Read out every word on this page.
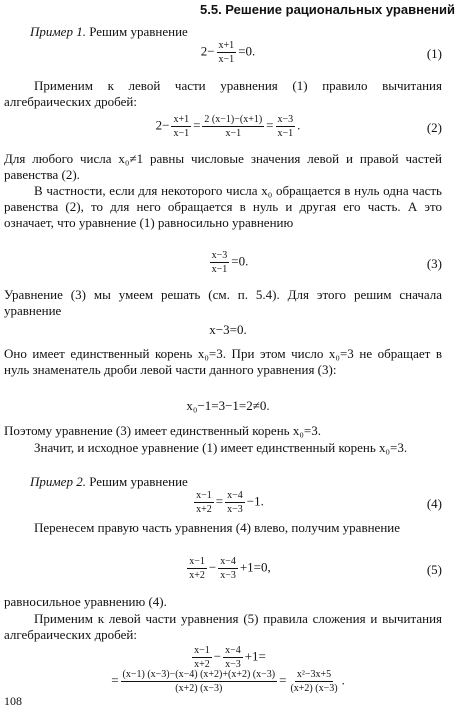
5.5. Решение рациональных уравнений
Пример 1. Решим уравнение
$2- \frac{x+1}{x-1} =0$.	(1)
Применим к левой части уравнения (1) правило вычитания алгебраических дробей:
$2- \frac{x+1}{x-1} = \frac{2 (x-1)-(x+1)}{x-1} = \frac{x-3}{x-1}$ .	(2)
Для любого числа x₀≠1 равны числовые значения левой и правой частей равенства (2).
В частности, если для некоторого числа x₀ обращается в нуль одна часть равенства (2), то для него обращается в нуль и другая его часть. А это означает, что уравнение (1) равносильно уравнению
$\frac{x-3}{x-1} =0$.	(3)
Уравнение (3) мы умеем решать (см. п. 5.4). Для этого решим сначала уравнение
x−3=0.
Оно имеет единственный корень x₀=3. При этом число x₀=3 не обращает в нуль знаменатель дроби левой части данного уравнения (3):
x₀−1=3−1=2≠0.
Поэтому уравнение (3) имеет единственный корень x₀=3.
Значит, и исходное уравнение (1) имеет единственный корень x₀=3.
Пример 2. Решим уравнение
$\frac{x-1}{x+2} = \frac{x-4}{x-3} -1$.	(4)
Перенесем правую часть уравнения (4) влево, получим уравнение
$\frac{x-1}{x+2} - \frac{x-4}{x-3} +1=0$,	(5)
равносильное уравнению (4).
Применим к левой части уравнения (5) правила сложения и вычитания алгебраических дробей:
$\frac{x-1}{x+2} - \frac{x-4}{x-3} +1=$
= $\frac{(x-1) (x-3)-(x-4) (x+2)+(x+2) (x-3)}{(x+2) (x-3)} = \frac{\text{x²−3x+5}}{(x+2) (x-3)}$ .
108
